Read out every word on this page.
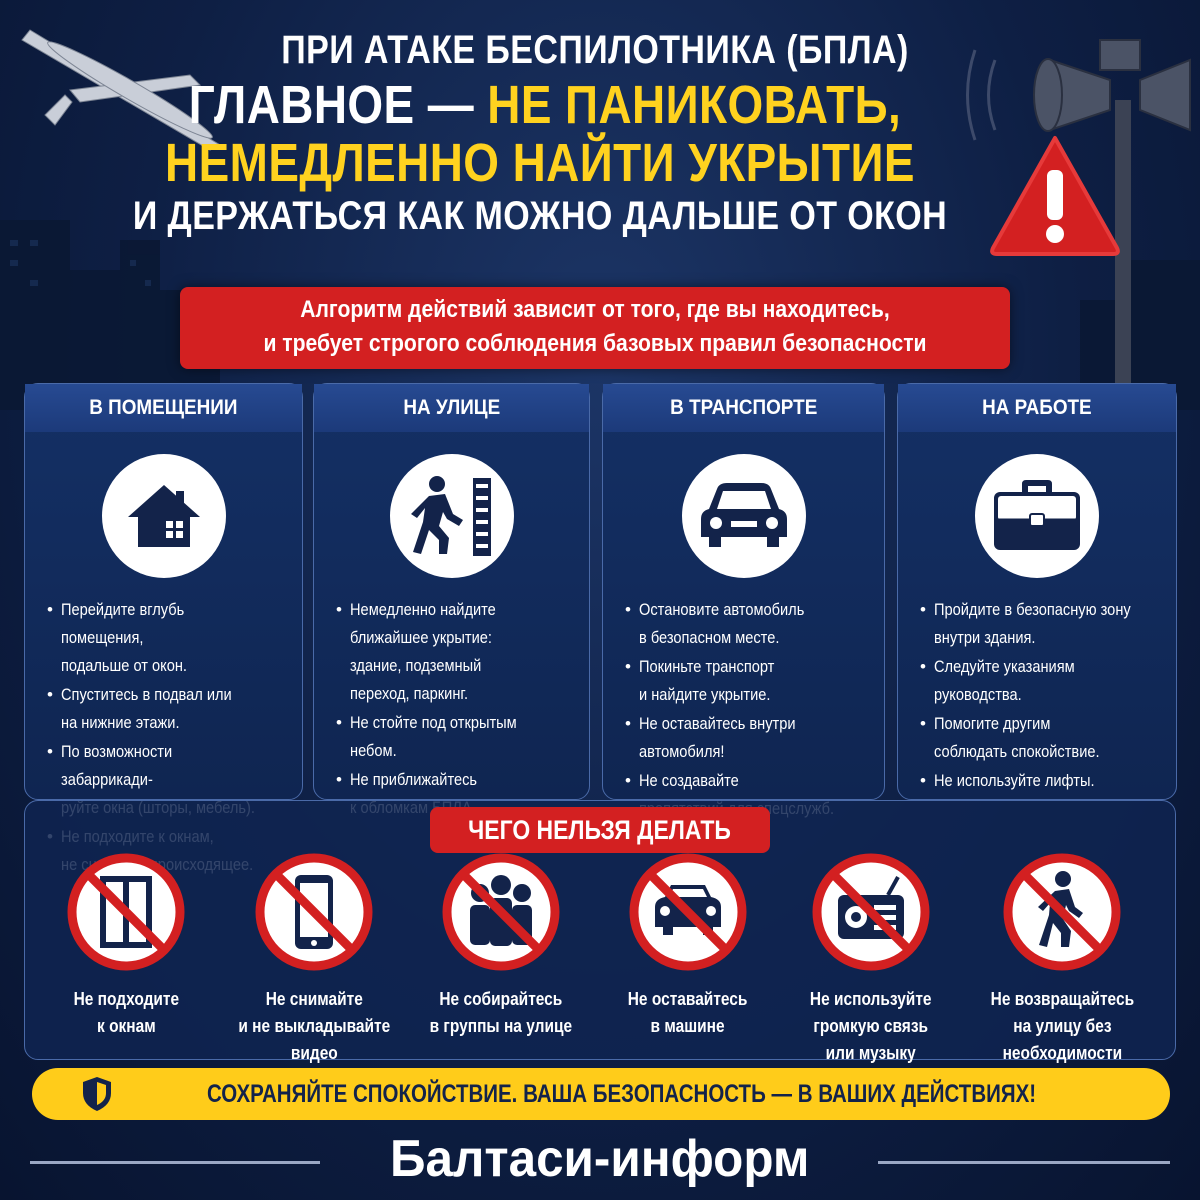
ПРИ АТАКЕ БЕСПИЛОТНИКА (БПЛА)
ГЛАВНОЕ — НЕ ПАНИКОВАТЬ,
НЕМЕДЛЕННО НАЙТИ УКРЫТИЕ
И ДЕРЖАТЬСЯ КАК МОЖНО ДАЛЬШЕ ОТ ОКОН
Алгоритм действий зависит от того, где вы находитесь,
и требует строгого соблюдения базовых правил безопасности
В ПОМЕЩЕНИИ
• Перейдите вглубь помещения,
подальше от окон.
• Спуститесь в подвал или
на нижние этажи.
• По возможности забаррикади-

•
НА УЛИЦЕ
• Немедленно найдите
ближайшее укрытие:
здание, подземный
переход, паркинг.
• Не стойте под открытым
небом.
• Не приближайтесь

В ТРАНСПОРТЕ
• Остановите автомобиль
в безопасном месте.
• Покиньте транспорт
и найдите укрытие.
• Не оставайтесь внутри
автомобиля!
• Не создавайте

НА РАБОТЕ
• Пройдите в безопасную зону
внутри здания.
• Следуйте указаниям
руководства.
• Помогите другим
соблюдать спокойствие.
• Не используйте лифты.
ЧЕГО НЕЛЬЗЯ ДЕЛАТЬ
Не подходите
к окнам
Не снимайте
и не выкладывайте
видео
Не собирайтесь
в группы на улице
Не оставайтесь
в машине
Не используйте
громкую связь
или музыку
Не возвращайтесь
на улицу без
необходимости
СОХРАНЯЙТЕ СПОКОЙСТВИЕ. ВАША БЕЗОПАСНОСТЬ — В ВАШИХ ДЕЙСТВИЯХ!
Балтаси-информ
